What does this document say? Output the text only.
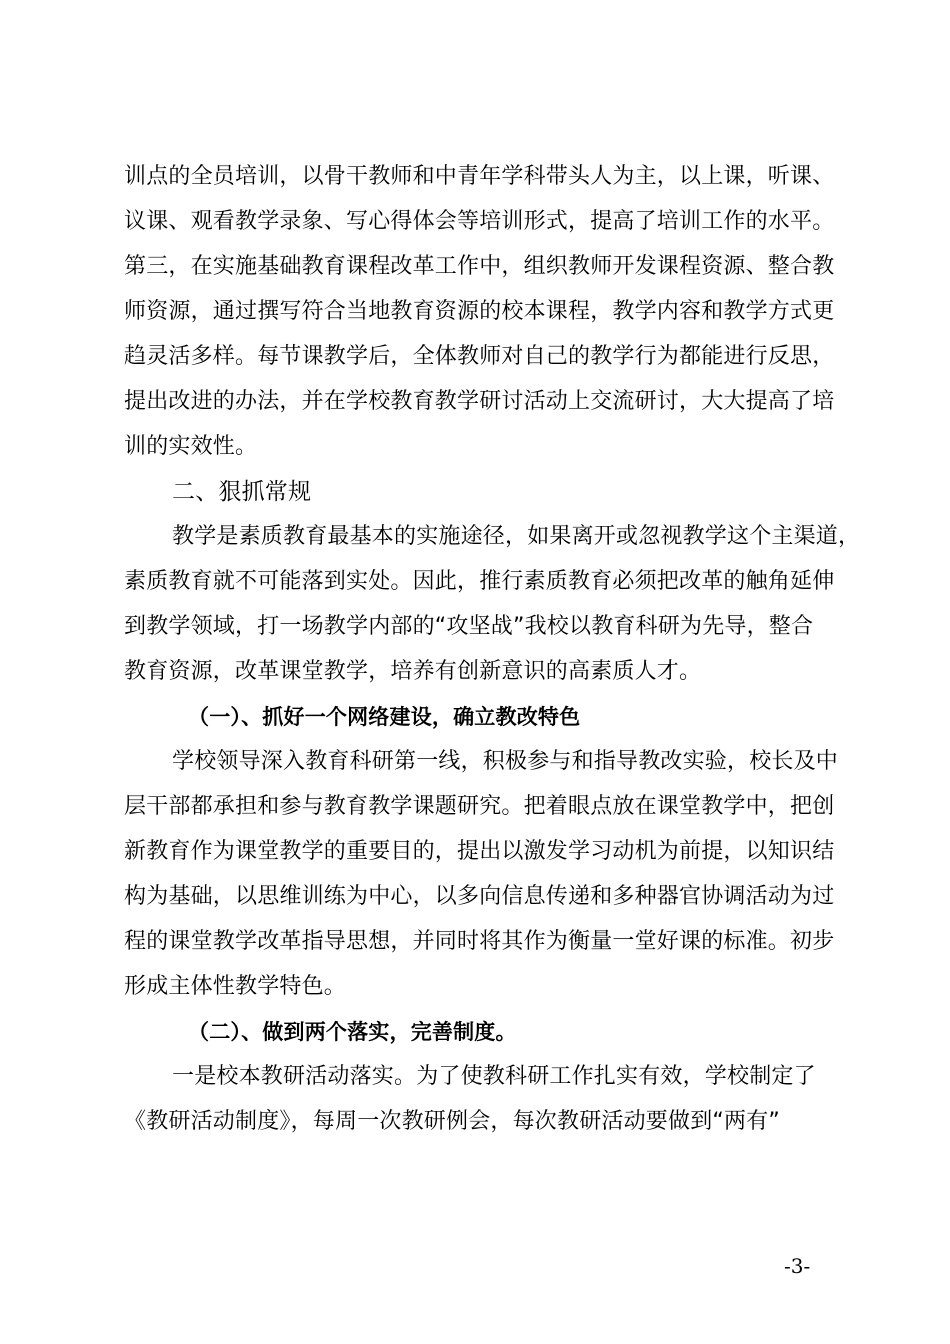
训点的全员培训，以骨干教师和中青年学科带头人为主，以上课，听课、
议课、观看教学录象、写心得体会等培训形式，提高了培训工作的水平。
第三，在实施基础教育课程改革工作中，组织教师开发课程资源、整合教
师资源，通过撰写符合当地教育资源的校本课程，教学内容和教学方式更
趋灵活多样。每节课教学后，全体教师对自己的教学行为都能进行反思，
提出改进的办法，并在学校教育教学研讨活动上交流研讨，大大提高了培
训的实效性。
二、狠抓常规
教学是素质教育最基本的实施途径，如果离开或忽视教学这个主渠道，
素质教育就不可能落到实处。因此，推行素质教育必须把改革的触角延伸
到教学领域，打一场教学内部的“攻坚战”我校以教育科研为先导，整合
教育资源，改革课堂教学，培养有创新意识的高素质人才。
（一）、抓好一个网络建设，确立教改特色
学校领导深入教育科研第一线，积极参与和指导教改实验，校长及中
层干部都承担和参与教育教学课题研究。把着眼点放在课堂教学中，把创
新教育作为课堂教学的重要目的，提出以激发学习动机为前提，以知识结
构为基础，以思维训练为中心，以多向信息传递和多种器官协调活动为过
程的课堂教学改革指导思想，并同时将其作为衡量一堂好课的标准。初步
形成主体性教学特色。
（二）、做到两个落实，完善制度。
一是校本教研活动落实。为了使教科研工作扎实有效，学校制定了
《教研活动制度》，每周一次教研例会，每次教研活动要做到“两有”
-3-
